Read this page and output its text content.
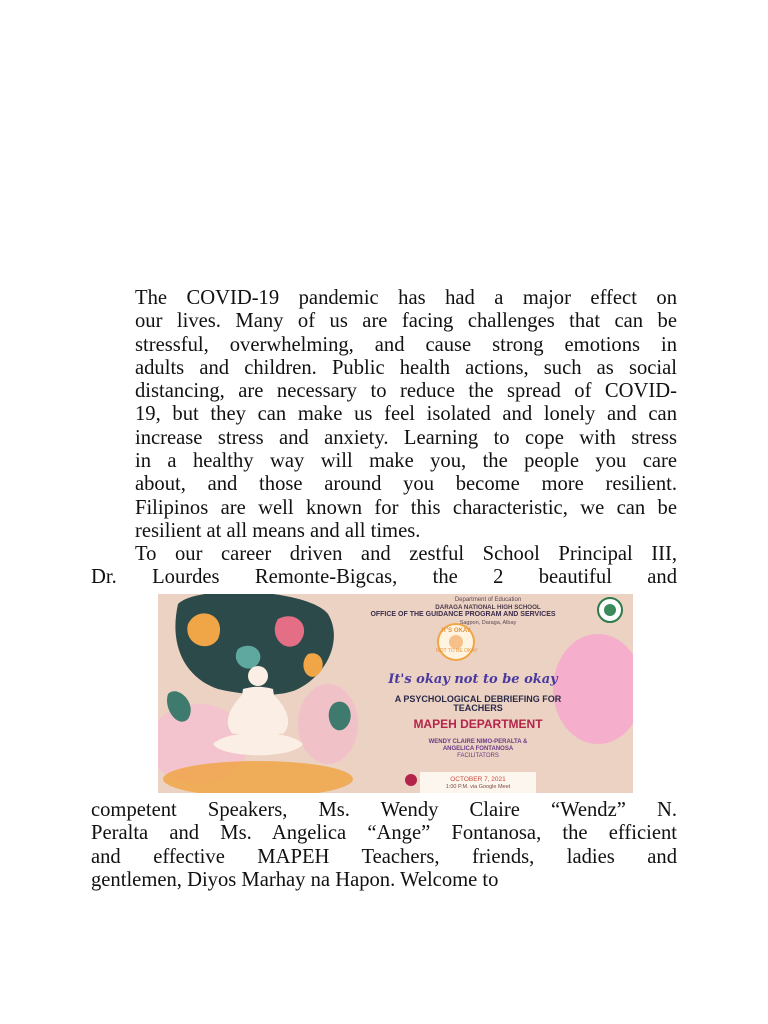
The COVID-19 pandemic has had a major effect on
our lives. Many of us are facing challenges that can be
stressful, overwhelming, and cause strong emotions in
adults and children. Public health actions, such as social
distancing, are necessary to reduce the spread of COVID-
19, but they can make us feel isolated and lonely and can
increase stress and anxiety. Learning to cope with stress
in a healthy way will make you, the people you care
about, and those around you become more resilient.
Filipinos are well known for this characteristic, we can be
resilient at all means and all times.
To our career driven and zestful School Principal III,
Dr. Lourdes Remonte-Bigcas, the 2 beautiful and
Department of Education
DARAGA NATIONAL HIGH SCHOOL
OFFICE OF THE GUIDANCE PROGRAM AND SERVICES
Sagpon, Daraga, Albay
IT'S OKAY
NOT TO BE OKAY
It's okay not to be okay
A PSYCHOLOGICAL DEBRIEFING FOR
TEACHERS
MAPEH DEPARTMENT
WENDY CLAIRE NIMO-PERALTA &
ANGELICA FONTANOSA
FACILITATORS
OCTOBER 7, 2021
1:00 P.M. via Google Meet
competent Speakers, Ms. Wendy Claire “Wendz” N.
Peralta and Ms. Angelica “Ange” Fontanosa, the efficient
and effective MAPEH Teachers, friends, ladies and
gentlemen, Diyos Marhay na Hapon. Welcome to
